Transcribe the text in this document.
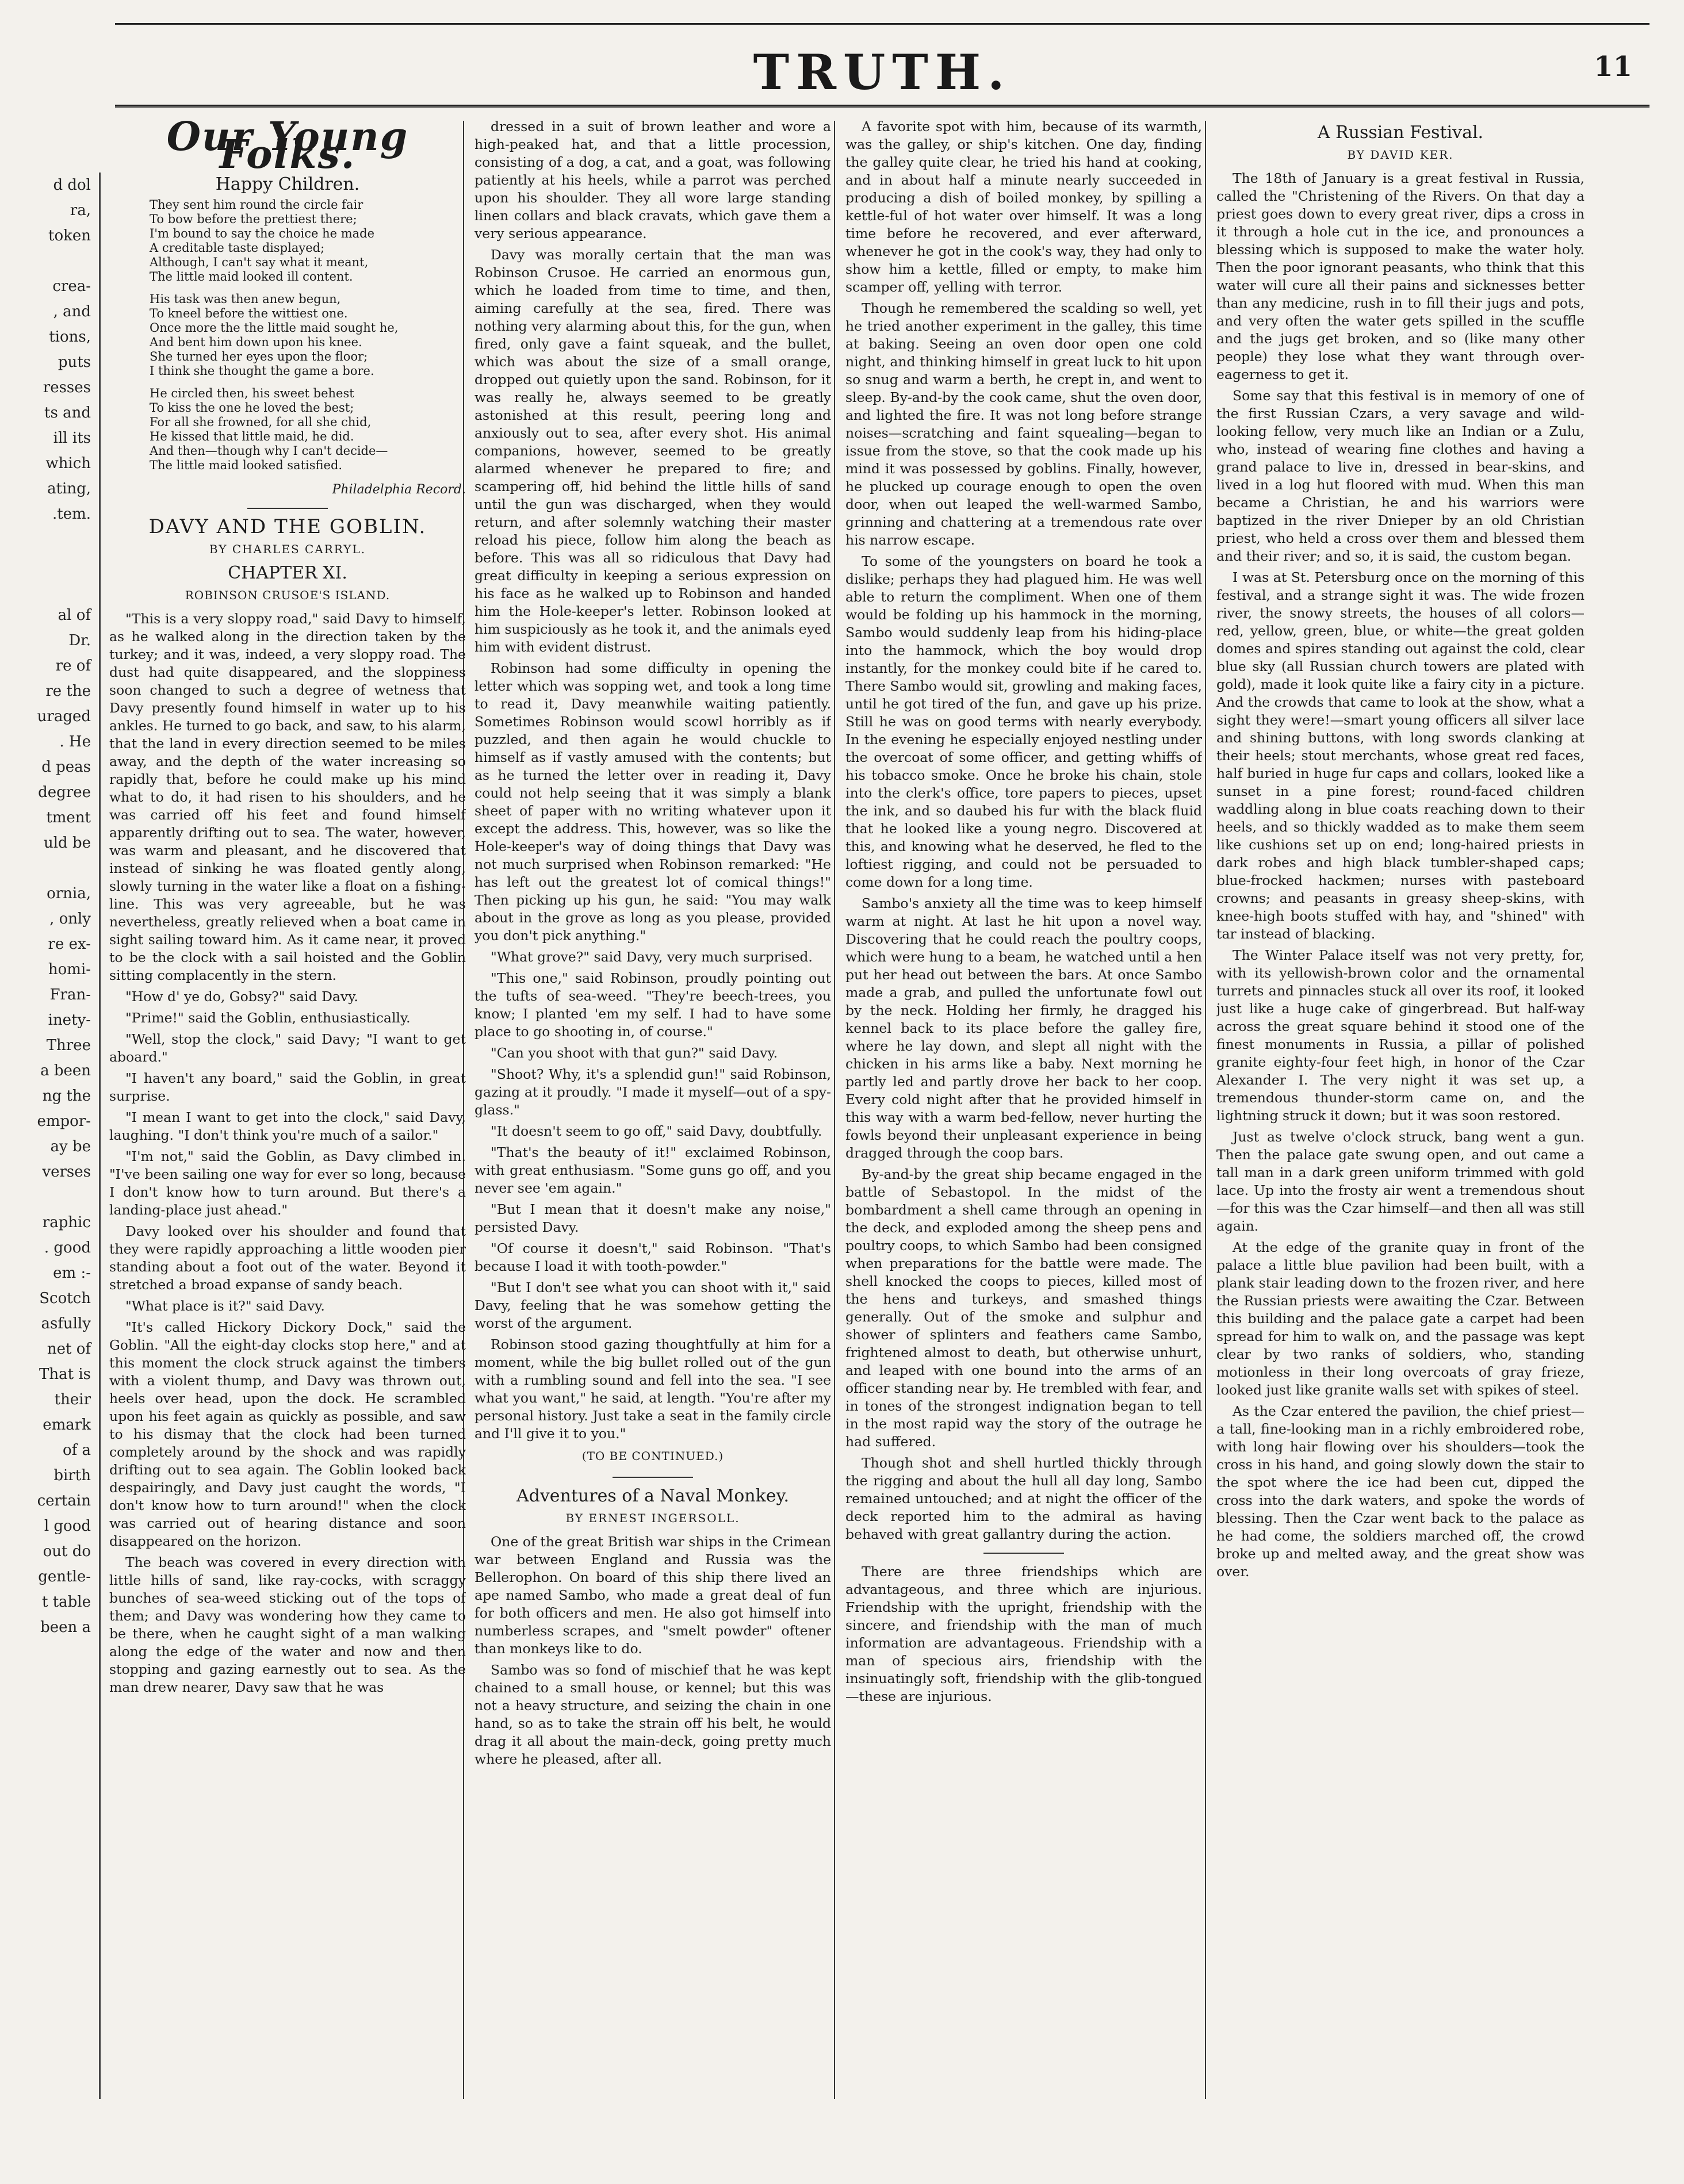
d dol
ra,
token
crea-
, and
tions,
puts
resses
ts and
ill its
which
ating,
.tem.
al of
Dr.
re of
re the
uraged
. He
d peas
degree
tment
uld be
ornia,
, only
re ex-
homi-
Fran-
inety-
Three
a been
ng the
empor-
ay be
verses
raphic
. good
em :-
Scotch
asfully
net of
That is
their
emark
of a
birth
certain
l good
out do
gentle-
t table
been a
TRUTH.	11
Our Young Folks.
Happy Children.
They sent him round the circle fair
To bow before the prettiest there;
I'm bound to say the choice he made
A creditable taste displayed;
Although, I can't say what it meant,
The little maid looked ill content.
His task was then anew begun,
To kneel before the wittiest one.
Once more the the little maid sought he,
And bent him down upon his knee.
She turned her eyes upon the floor;
I think she thought the game a bore.
He circled then, his sweet behest
To kiss the one he loved the best;
For all she frowned, for all she chid,
He kissed that little maid, he did.
And then—though why I can't decide—
The little maid looked satisfied.
Philadelphia Record.
DAVY AND THE GOBLIN.
BY CHARLES CARRYL.
CHAPTER XI.
ROBINSON CRUSOE'S ISLAND.

"This is a very sloppy road," said Davy to himself, as he walked along in the direction taken by the turkey; and it was, indeed, a very sloppy road. The dust had quite disappeared, and the sloppiness soon changed to such a degree of wetness that Davy presently found himself in water up to his ankles. He turned to go back, and saw, to his alarm, that the land in every direction seemed to be miles away, and the depth of the water increasing so rapidly that, before he could make up his mind what to do, it had risen to his shoulders, and he was carried off his feet and found himself apparently drifting out to sea. The water, however, was warm and pleasant, and he discovered that instead of sinking he was floated gently along, slowly turning in the water like a float on a fishing-line. This was very agreeable, but he was nevertheless, greatly relieved when a boat came in sight sailing toward him. As it came near, it proved to be the clock with a sail hoisted and the Goblin sitting complacently in the stern.

"How d' ye do, Gobsy?" said Davy.

"Prime!" said the Goblin, enthusiastically.

"Well, stop the clock," said Davy; "I want to get aboard."

"I haven't any board," said the Goblin, in great surprise.

"I mean I want to get into the clock," said Davy, laughing. "I don't think you're much of a sailor."

"I'm not," said the Goblin, as Davy climbed in. "I've been sailing one way for ever so long, because I don't know how to turn around. But there's a landing-place just ahead."

Davy looked over his shoulder and found that they were rapidly approaching a little wooden pier standing about a foot out of the water. Beyond it stretched a broad expanse of sandy beach.

"What place is it?" said Davy.

"It's called Hickory Dickory Dock," said the Goblin. "All the eight-day clocks stop here," and at this moment the clock struck against the timbers with a violent thump, and Davy was thrown out, heels over head, upon the dock. He scrambled upon his feet again as quickly as possible, and saw to his dismay that the clock had been turned completely around by the shock and was rapidly drifting out to sea again. The Goblin looked back despairingly, and Davy just caught the words, "I don't know how to turn around!" when the clock was carried out of hearing distance and soon disappeared on the horizon.

The beach was covered in every direction with little hills of sand, like ray-cocks, with scraggy bunches of sea-weed sticking out of the tops of them; and Davy was wondering how they came to be there, when he caught sight of a man walking along the edge of the water and now and then stopping and gazing earnestly out to sea. As the man drew nearer, Davy saw that he was

dressed in a suit of brown leather and wore a high-peaked hat, and that a little procession, consisting of a dog, a cat, and a goat, was following patiently at his heels, while a parrot was perched upon his shoulder. They all wore large standing linen collars and black cravats, which gave them a very serious appearance.

Davy was morally certain that the man was Robinson Crusoe. He carried an enormous gun, which he loaded from time to time, and then, aiming carefully at the sea, fired. There was nothing very alarming about this, for the gun, when fired, only gave a faint squeak, and the bullet, which was about the size of a small orange, dropped out quietly upon the sand. Robinson, for it was really he, always seemed to be greatly astonished at this result, peering long and anxiously out to sea, after every shot. His animal companions, however, seemed to be greatly alarmed whenever he prepared to fire; and scampering off, hid behind the little hills of sand until the gun was discharged, when they would return, and after solemnly watching their master reload his piece, follow him along the beach as before. This was all so ridiculous that Davy had great difficulty in keeping a serious expression on his face as he walked up to Robinson and handed him the Hole-keeper's letter. Robinson looked at him suspiciously as he took it, and the animals eyed him with evident distrust.

Robinson had some difficulty in opening the letter which was sopping wet, and took a long time to read it, Davy meanwhile waiting patiently. Sometimes Robinson would scowl horribly as if puzzled, and then again he would chuckle to himself as if vastly amused with the contents; but as he turned the letter over in reading it, Davy could not help seeing that it was simply a blank sheet of paper with no writing whatever upon it except the address. This, however, was so like the Hole-keeper's way of doing things that Davy was not much surprised when Robinson remarked: "He has left out the greatest lot of comical things!" Then picking up his gun, he said: "You may walk about in the grove as long as you please, provided you don't pick anything."

"What grove?" said Davy, very much surprised.

"This one," said Robinson, proudly pointing out the tufts of sea-weed. "They're beech-trees, you know; I planted 'em my self. I had to have some place to go shooting in, of course."

"Can you shoot with that gun?" said Davy.

"Shoot? Why, it's a splendid gun!" said Robinson, gazing at it proudly. "I made it myself—out of a spy-glass."

"It doesn't seem to go off," said Davy, doubtfully.

"That's the beauty of it!" exclaimed Robinson, with great enthusiasm. "Some guns go off, and you never see 'em again."

"But I mean that it doesn't make any noise," persisted Davy.

"Of course it doesn't," said Robinson. "That's because I load it with tooth-powder."

"But I don't see what you can shoot with it," said Davy, feeling that he was somehow getting the worst of the argument.

Robinson stood gazing thoughtfully at him for a moment, while the big bullet rolled out of the gun with a rumbling sound and fell into the sea. "I see what you want," he said, at length. "You're after my personal history. Just take a seat in the family circle and I'll give it to you."

(TO BE CONTINUED.)
Adventures of a Naval Monkey.
BY ERNEST INGERSOLL.

One of the great British war ships in the Crimean war between England and Russia was the Bellerophon. On board of this ship there lived an ape named Sambo, who made a great deal of fun for both officers and men. He also got himself into numberless scrapes, and "smelt powder" oftener than monkeys like to do.

Sambo was so fond of mischief that he was kept chained to a small house, or kennel; but this was not a heavy structure, and seizing the chain in one hand, so as to take the strain off his belt, he would drag it all about the main-deck, going pretty much where he pleased, after all.

A favorite spot with him, because of its warmth, was the galley, or ship's kitchen. One day, finding the galley quite clear, he tried his hand at cooking, and in about half a minute nearly succeeded in producing a dish of boiled monkey, by spilling a kettle-ful of hot water over himself. It was a long time before he recovered, and ever afterward, whenever he got in the cook's way, they had only to show him a kettle, filled or empty, to make him scamper off, yelling with terror.

Though he remembered the scalding so well, yet he tried another experiment in the galley, this time at baking. Seeing an oven door open one cold night, and thinking himself in great luck to hit upon so snug and warm a berth, he crept in, and went to sleep. By-and-by the cook came, shut the oven door, and lighted the fire. It was not long before strange noises—scratching and faint squealing—began to issue from the stove, so that the cook made up his mind it was possessed by goblins. Finally, however, he plucked up courage enough to open the oven door, when out leaped the well-warmed Sambo, grinning and chattering at a tremendous rate over his narrow escape.

To some of the youngsters on board he took a dislike; perhaps they had plagued him. He was well able to return the compliment. When one of them would be folding up his hammock in the morning, Sambo would suddenly leap from his hiding-place into the hammock, which the boy would drop instantly, for the monkey could bite if he cared to. There Sambo would sit, growling and making faces, until he got tired of the fun, and gave up his prize. Still he was on good terms with nearly everybody. In the evening he especially enjoyed nestling under the overcoat of some officer, and getting whiffs of his tobacco smoke. Once he broke his chain, stole into the clerk's office, tore papers to pieces, upset the ink, and so daubed his fur with the black fluid that he looked like a young negro. Discovered at this, and knowing what he deserved, he fled to the loftiest rigging, and could not be persuaded to come down for a long time.

Sambo's anxiety all the time was to keep himself warm at night. At last he hit upon a novel way. Discovering that he could reach the poultry coops, which were hung to a beam, he watched until a hen put her head out between the bars. At once Sambo made a grab, and pulled the unfortunate fowl out by the neck. Holding her firmly, he dragged his kennel back to its place before the galley fire, where he lay down, and slept all night with the chicken in his arms like a baby. Next morning he partly led and partly drove her back to her coop. Every cold night after that he provided himself in this way with a warm bed-fellow, never hurting the fowls beyond their unpleasant experience in being dragged through the coop bars.

By-and-by the great ship became engaged in the battle of Sebastopol. In the midst of the bombardment a shell came through an opening in the deck, and exploded among the sheep pens and poultry coops, to which Sambo had been consigned when preparations for the battle were made. The shell knocked the coops to pieces, killed most of the hens and turkeys, and smashed things generally. Out of the smoke and sulphur and shower of splinters and feathers came Sambo, frightened almost to death, but otherwise unhurt, and leaped with one bound into the arms of an officer standing near by. He trembled with fear, and in tones of the strongest indignation began to tell in the most rapid way the story of the outrage he had suffered.

Though shot and shell hurtled thickly through the rigging and about the hull all day long, Sambo remained untouched; and at night the officer of the deck reported him to the admiral as having behaved with great gallantry during the action.

There are three friendships which are advantageous, and three which are injurious. Friendship with the upright, friendship with the sincere, and friendship with the man of much information are advantageous. Friendship with a man of specious airs, friendship with the insinuatingly soft, friendship with the glib-tongued—these are injurious.

A Russian Festival.
BY DAVID KER.

The 18th of January is a great festival in Russia, called the "Christening of the Rivers. On that day a priest goes down to every great river, dips a cross in it through a hole cut in the ice, and pronounces a blessing which is supposed to make the water holy. Then the poor ignorant peasants, who think that this water will cure all their pains and sicknesses better than any medicine, rush in to fill their jugs and pots, and very often the water gets spilled in the scuffle and the jugs get broken, and so (like many other people) they lose what they want through over-eagerness to get it.

Some say that this festival is in memory of one of the first Russian Czars, a very savage and wild-looking fellow, very much like an Indian or a Zulu, who, instead of wearing fine clothes and having a grand palace to live in, dressed in bear-skins, and lived in a log hut floored with mud. When this man became a Christian, he and his warriors were baptized in the river Dnieper by an old Christian priest, who held a cross over them and blessed them and their river; and so, it is said, the custom began.

I was at St. Petersburg once on the morning of this festival, and a strange sight it was. The wide frozen river, the snowy streets, the houses of all colors—red, yellow, green, blue, or white—the great golden domes and spires standing out against the cold, clear blue sky (all Russian church towers are plated with gold), made it look quite like a fairy city in a picture. And the crowds that came to look at the show, what a sight they were!—smart young officers all silver lace and shining buttons, with long swords clanking at their heels; stout merchants, whose great red faces, half buried in huge fur caps and collars, looked like a sunset in a pine forest; round-faced children waddling along in blue coats reaching down to their heels, and so thickly wadded as to make them seem like cushions set up on end; long-haired priests in dark robes and high black tumbler-shaped caps; blue-frocked hackmen; nurses with pasteboard crowns; and peasants in greasy sheep-skins, with knee-high boots stuffed with hay, and "shined" with tar instead of blacking.

The Winter Palace itself was not very pretty, for, with its yellowish-brown color and the ornamental turrets and pinnacles stuck all over its roof, it looked just like a huge cake of gingerbread. But half-way across the great square behind it stood one of the finest monuments in Russia, a pillar of polished granite eighty-four feet high, in honor of the Czar Alexander I. The very night it was set up, a tremendous thunder-storm came on, and the lightning struck it down; but it was soon restored.

Just as twelve o'clock struck, bang went a gun. Then the palace gate swung open, and out came a tall man in a dark green uniform trimmed with gold lace. Up into the frosty air went a tremendous shout—for this was the Czar himself—and then all was still again.

At the edge of the granite quay in front of the palace a little blue pavilion had been built, with a plank stair leading down to the frozen river, and here the Russian priests were awaiting the Czar. Between this building and the palace gate a carpet had been spread for him to walk on, and the passage was kept clear by two ranks of soldiers, who, standing motionless in their long overcoats of gray frieze, looked just like granite walls set with spikes of steel.

As the Czar entered the pavilion, the chief priest—a tall, fine-looking man in a richly embroidered robe, with long hair flowing over his shoulders—took the cross in his hand, and going slowly down the stair to the spot where the ice had been cut, dipped the cross into the dark waters, and spoke the words of blessing. Then the Czar went back to the palace as he had come, the soldiers marched off, the crowd broke up and melted away, and the great show was over.
